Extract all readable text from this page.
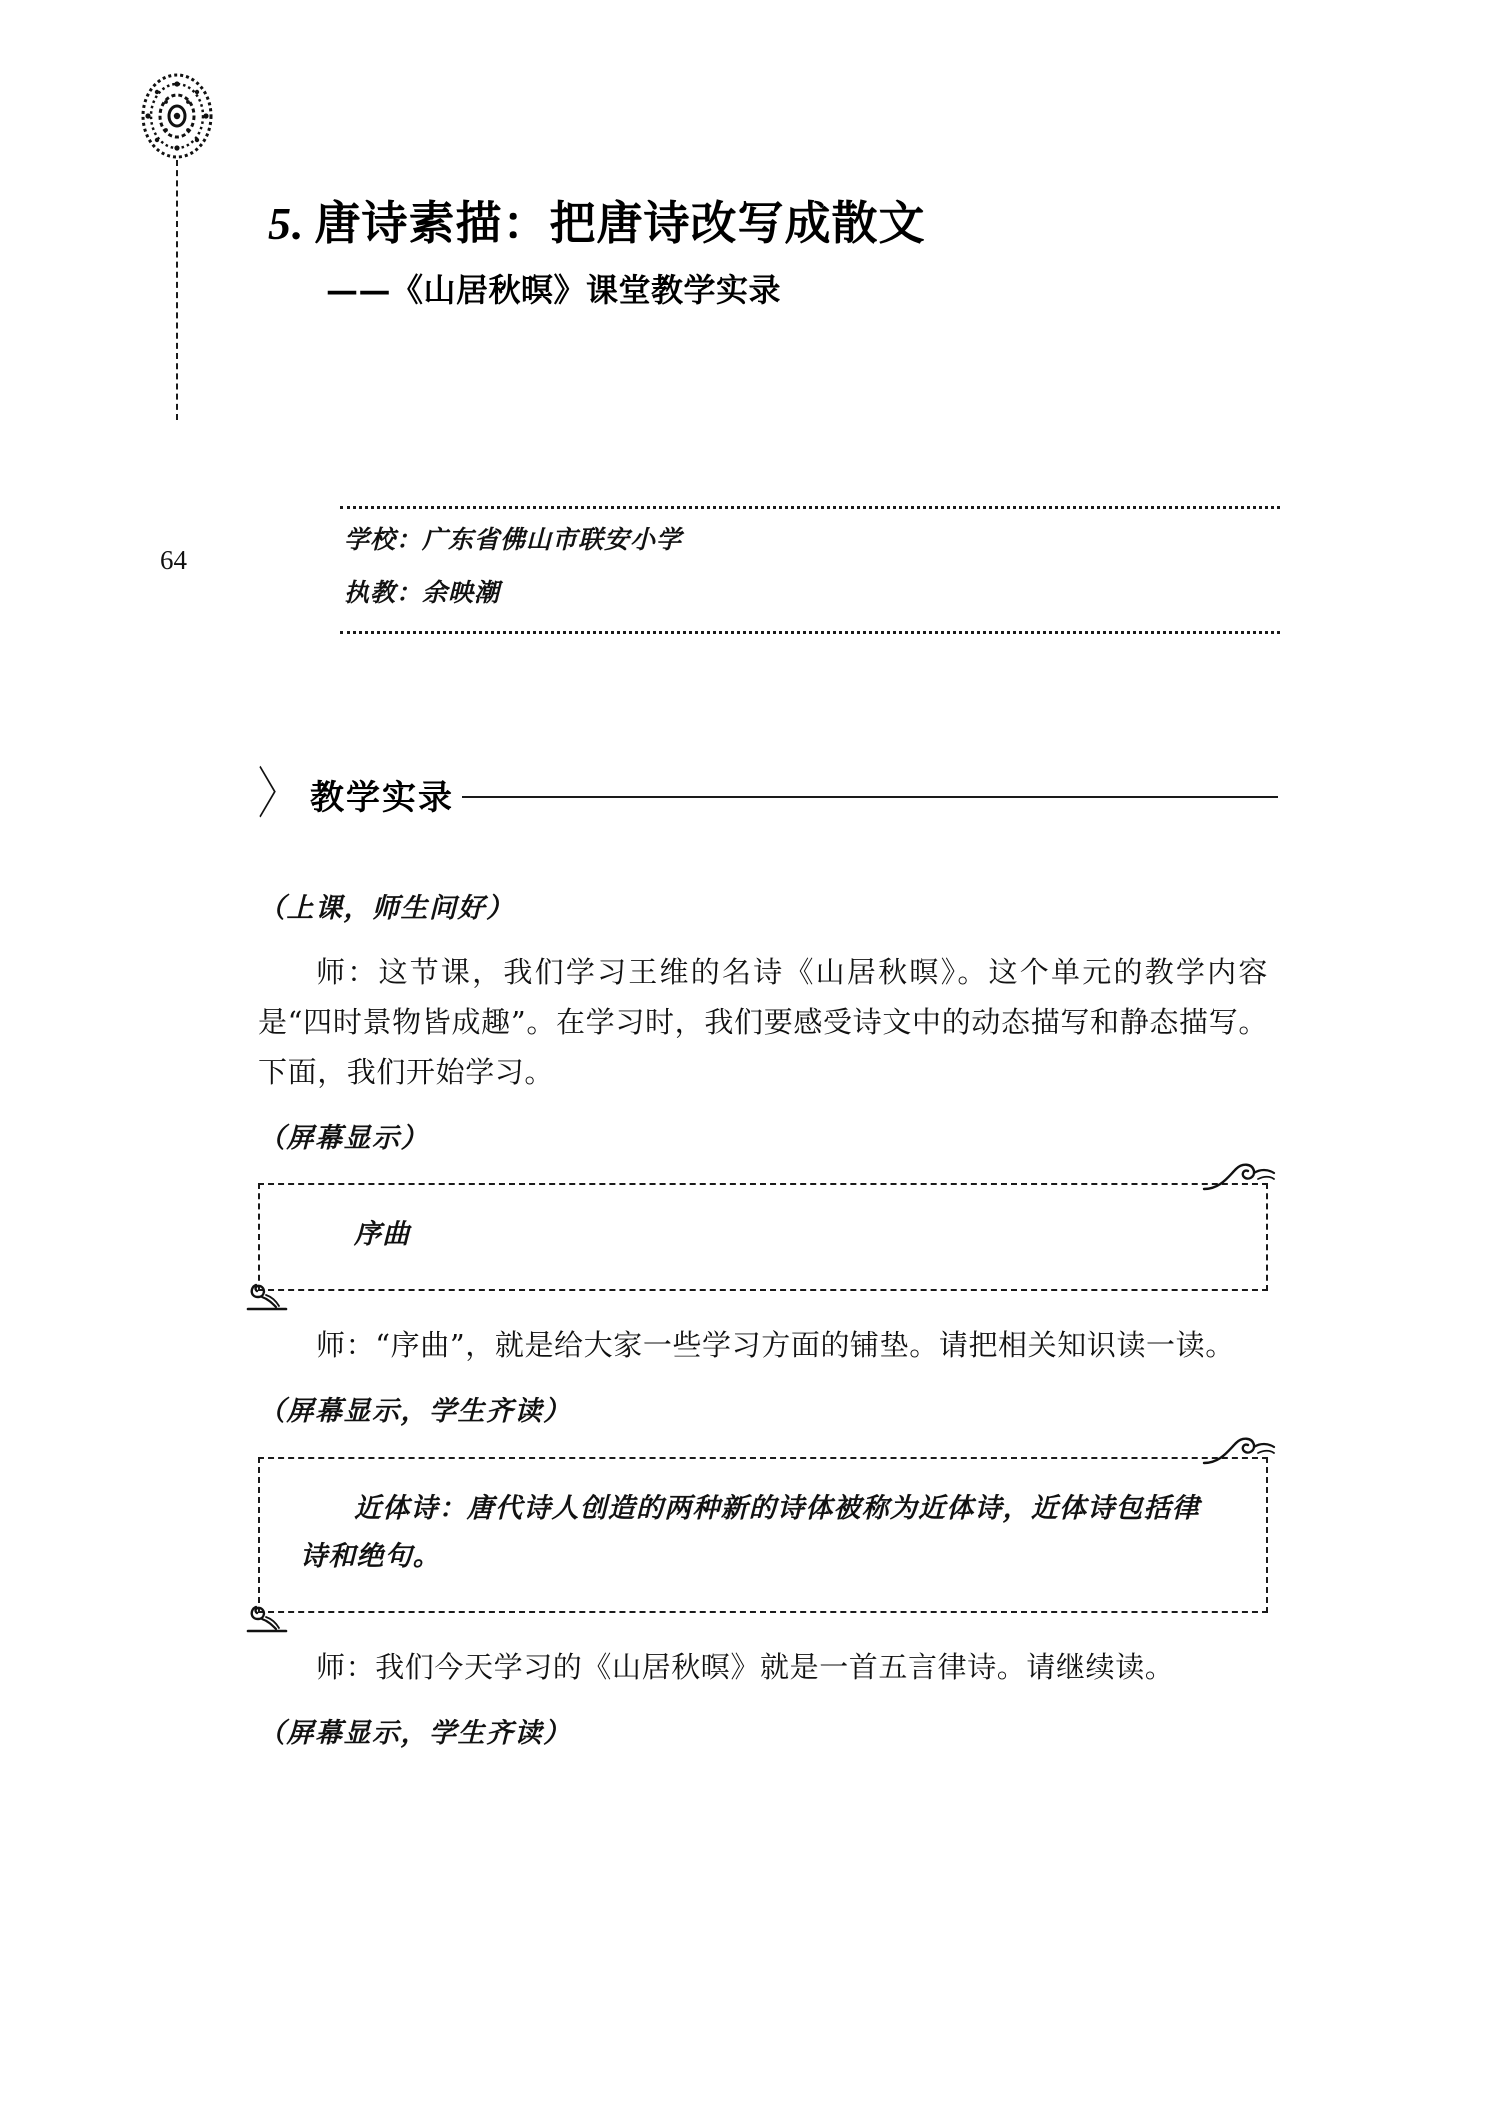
5. 唐诗素描：把唐诗改写成散文
——《山居秋暝》课堂教学实录
64
学校：广东省佛山市联安小学
执教：余映潮
〉 教学实录

（上课，师生问好）

师：这节课，我们学习王维的名诗《山居秋暝》。这个单元的教学内容是“四时景物皆成趣”。在学习时，我们要感受诗文中的动态描写和静态描写。下面，我们开始学习。

（屏幕显示）

序曲

师：“序曲”，就是给大家一些学习方面的铺垫。请把相关知识读一读。

（屏幕显示，学生齐读）

近体诗：唐代诗人创造的两种新的诗体被称为近体诗，近体诗包括律诗和绝句。

师：我们今天学习的《山居秋暝》就是一首五言律诗。请继续读。

（屏幕显示，学生齐读）
